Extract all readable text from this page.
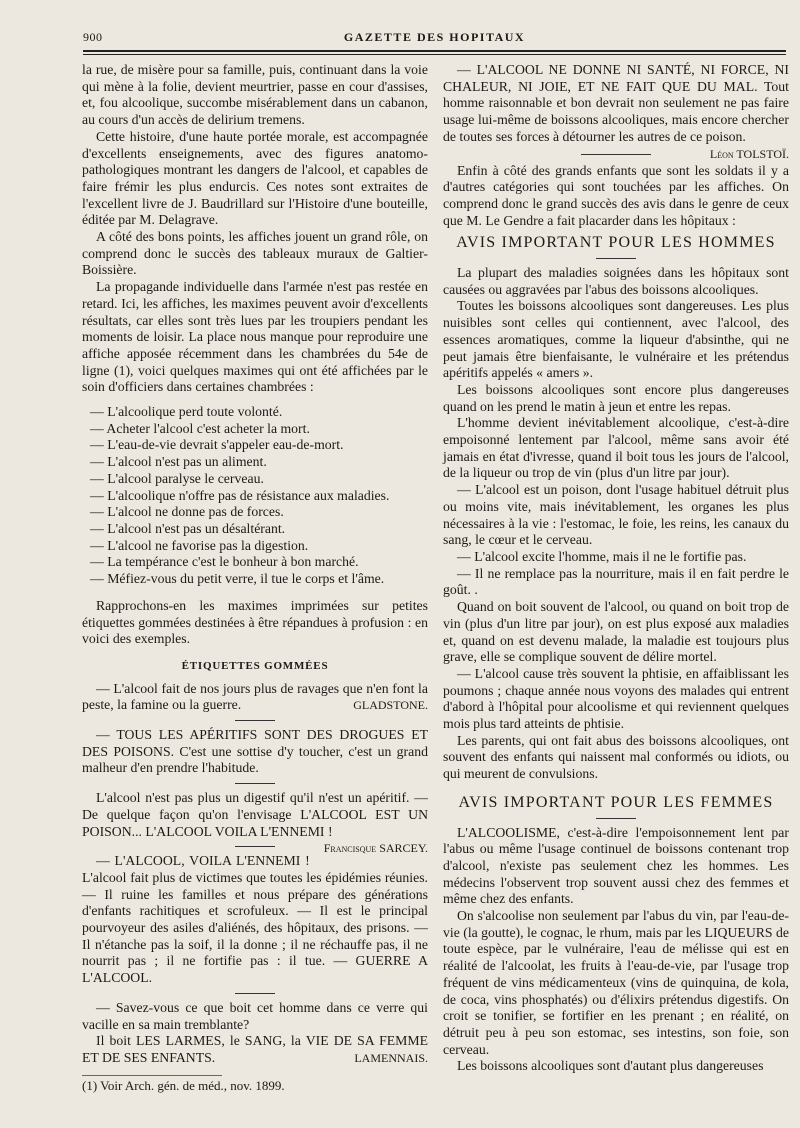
900	GAZETTE DES HOPITAUX

la rue, de misère pour sa famille, puis, continuant dans la voie qui mène à la folie, devient meurtrier, passe en cour d'assises, et, fou alcoolique, succombe misérablement dans un cabanon, au cours d'un accès de delirium tremens.

Cette histoire, d'une haute portée morale, est accompagnée d'excellents enseignements, avec des figures anatomo-pathologiques montrant les dangers de l'alcool, et capables de faire frémir les plus endurcis. Ces notes sont extraites de l'excellent livre de J. Baudrillard sur l'Histoire d'une bouteille, éditée par M. Delagrave.

A côté des bons points, les affiches jouent un grand rôle, on comprend donc le succès des tableaux muraux de Galtier-Boissière.

La propagande individuelle dans l'armée n'est pas restée en retard. Ici, les affiches, les maximes peuvent avoir d'excellents résultats, car elles sont très lues par les troupiers pendant les moments de loisir. La place nous manque pour reproduire une affiche apposée récemment dans les chambrées du 54e de ligne (1), voici quelques maximes qui ont été affichées par le soin d'officiers dans certaines chambrées :

— L'alcoolique perd toute volonté.

— Acheter l'alcool c'est acheter la mort.

— L'eau-de-vie devrait s'appeler eau-de-mort.

— L'alcool n'est pas un aliment.

— L'alcool paralyse le cerveau.

— L'alcoolique n'offre pas de résistance aux maladies.

— L'alcool ne donne pas de forces.

— L'alcool n'est pas un désaltérant.

— L'alcool ne favorise pas la digestion.

— La tempérance c'est le bonheur à bon marché.

— Méfiez-vous du petit verre, il tue le corps et l'âme.

Rapprochons-en les maximes imprimées sur petites étiquettes gommées destinées à être répandues à profusion : en voici des exemples.

ÉTIQUETTES GOMMÉES

— L'alcool fait de nos jours plus de ravages que n'en font la peste, la famine ou la guerre.	GLADSTONE.

— TOUS LES APÉRITIFS SONT DES DROGUES ET DES POISONS. C'est une sottise d'y toucher, c'est un grand malheur d'en prendre l'habitude.

L'alcool n'est pas plus un digestif qu'il n'est un apéritif. — De quelque façon qu'on l'envisage L'ALCOOL EST UN POISON... L'ALCOOL VOILA L'ENNEMI !
Francisque SARCEY.

— L'ALCOOL, VOILA L'ENNEMI ! L'alcool fait plus de victimes que toutes les épidémies réunies. — Il ruine les familles et nous prépare des générations d'enfants rachitiques et scrofuleux. — Il est le principal pourvoyeur des asiles d'aliénés, des hôpitaux, des prisons. — Il n'étanche pas la soif, il la donne ; il ne réchauffe pas, il ne nourrit pas ; il ne fortifie pas : il tue. — GUERRE A L'ALCOOL.

— Savez-vous ce que boit cet homme dans ce verre qui vacille en sa main tremblante?

Il boit LES LARMES, le SANG, la VIE DE SA FEMME ET DE SES ENFANTS.	LAMENNAIS.

(1) Voir Arch. gén. de méd., nov. 1899.

— L'ALCOOL NE DONNE NI SANTÉ, NI FORCE, NI CHALEUR, NI JOIE, ET NE FAIT QUE DU MAL. Tout homme raisonnable et bon devrait non seulement ne pas faire usage lui-même de boissons alcooliques, mais encore chercher de toutes ses forces à détourner les autres de ce poison.
Léon TOLSTOÏ.

Enfin à côté des grands enfants que sont les soldats il y a d'autres catégories qui sont touchées par les affiches. On comprend donc le grand succès des avis dans le genre de ceux que M. Le Gendre a fait placarder dans les hôpitaux :

AVIS IMPORTANT POUR LES HOMMES

La plupart des maladies soignées dans les hôpitaux sont causées ou aggravées par l'abus des boissons alcooliques.

Toutes les boissons alcooliques sont dangereuses. Les plus nuisibles sont celles qui contiennent, avec l'alcool, des essences aromatiques, comme la liqueur d'absinthe, qui ne peut jamais être bienfaisante, le vulnéraire et les prétendus apéritifs appelés « amers ».

Les boissons alcooliques sont encore plus dangereuses quand on les prend le matin à jeun et entre les repas.

L'homme devient inévitablement alcoolique, c'est-à-dire empoisonné lentement par l'alcool, même sans avoir été jamais en état d'ivresse, quand il boit tous les jours de l'alcool, de la liqueur ou trop de vin (plus d'un litre par jour).

— L'alcool est un poison, dont l'usage habituel détruit plus ou moins vite, mais inévitablement, les organes les plus nécessaires à la vie : l'estomac, le foie, les reins, les canaux du sang, le cœur et le cerveau.

— L'alcool excite l'homme, mais il ne le fortifie pas.

— Il ne remplace pas la nourriture, mais il en fait perdre le goût. .

Quand on boit souvent de l'alcool, ou quand on boit trop de vin (plus d'un litre par jour), on est plus exposé aux maladies et, quand on est devenu malade, la maladie est toujours plus grave, elle se complique souvent de délire mortel.

— L'alcool cause très souvent la phtisie, en affaiblissant les poumons ; chaque année nous voyons des malades qui entrent d'abord à l'hôpital pour alcoolisme et qui reviennent quelques mois plus tard atteints de phtisie.

Les parents, qui ont fait abus des boissons alcooliques, ont souvent des enfants qui naissent mal conformés ou idiots, ou qui meurent de convulsions.

AVIS IMPORTANT POUR LES FEMMES

L'ALCOOLISME, c'est-à-dire l'empoisonnement lent par l'abus ou même l'usage continuel de boissons contenant trop d'alcool, n'existe pas seulement chez les hommes. Les médecins l'observent trop souvent aussi chez des femmes et même chez des enfants.

On s'alcoolise non seulement par l'abus du vin, par l'eau-de-vie (la goutte), le cognac, le rhum, mais par les LIQUEURS de toute espèce, par le vulnéraire, l'eau de mélisse qui est en réalité de l'alcoolat, les fruits à l'eau-de-vie, par l'usage trop fréquent de vins médicamenteux (vins de quinquina, de kola, de coca, vins phosphatés) ou d'élixirs prétendus digestifs. On croit se tonifier, se fortifier en les prenant ; en réalité, on détruit peu à peu son estomac, ses intestins, son foie, son cerveau.

Les boissons alcooliques sont d'autant plus dangereuses
